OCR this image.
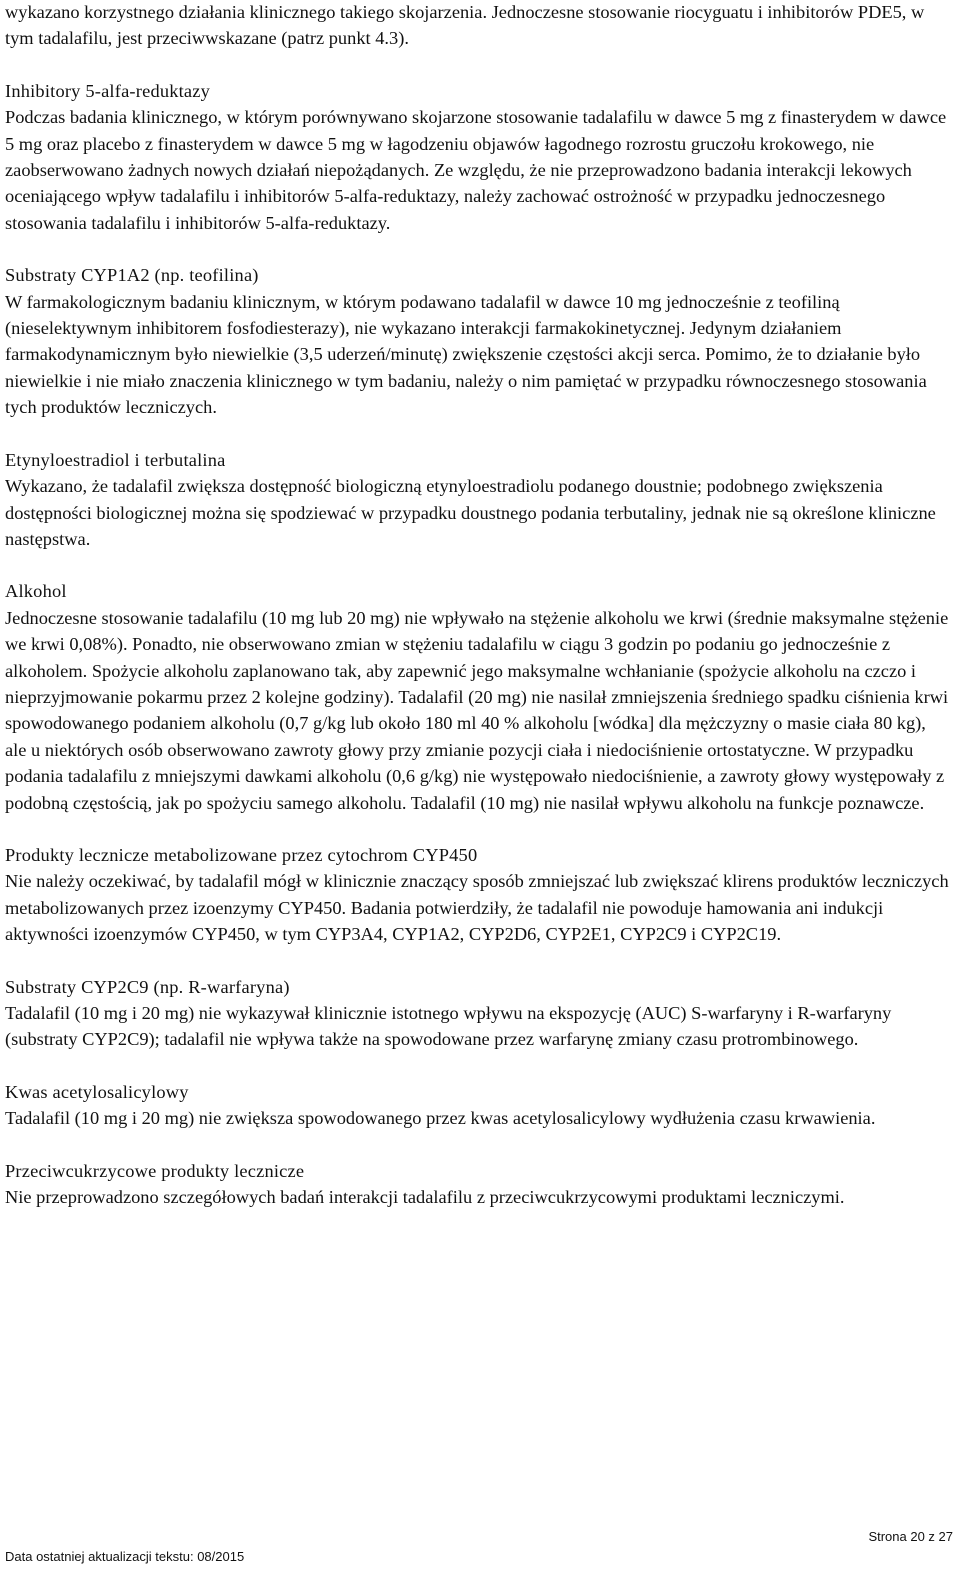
wykazano korzystnego działania klinicznego takiego skojarzenia. Jednoczesne stosowanie riocyguatu i inhibitorów PDE5, w tym tadalafilu, jest przeciwwskazane (patrz punkt 4.3).

Inhibitory 5-alfa-reduktazy

Podczas badania klinicznego, w którym porównywano skojarzone stosowanie tadalafilu w dawce 5 mg z finasterydem w dawce 5 mg oraz placebo z finasterydem w dawce 5 mg w łagodzeniu objawów łagodnego rozrostu gruczołu krokowego, nie zaobserwowano żadnych nowych działań niepożądanych. Ze względu, że nie przeprowadzono badania interakcji lekowych oceniającego wpływ tadalafilu i inhibitorów 5-alfa-reduktazy, należy zachować ostrożność w przypadku jednoczesnego stosowania tadalafilu i inhibitorów 5-alfa-reduktazy.

Substraty CYP1A2 (np. teofilina)

W farmakologicznym badaniu klinicznym, w którym podawano tadalafil w dawce 10 mg jednocześnie z teofiliną (nieselektywnym inhibitorem fosfodiesterazy), nie wykazano interakcji farmakokinetycznej. Jedynym działaniem farmakodynamicznym było niewielkie (3,5 uderzeń/minutę) zwiększenie częstości akcji serca. Pomimo, że to działanie było niewielkie i nie miało znaczenia klinicznego w tym badaniu, należy o nim pamiętać w przypadku równoczesnego stosowania tych produktów leczniczych.

Etynyloestradiol i terbutalina

Wykazano, że tadalafil zwiększa dostępność biologiczną etynyloestradiolu podanego doustnie; podobnego zwiększenia dostępności biologicznej można się spodziewać w przypadku doustnego podania terbutaliny, jednak nie są określone kliniczne następstwa.

Alkohol

Jednoczesne stosowanie tadalafilu (10 mg lub 20 mg) nie wpływało na stężenie alkoholu we krwi (średnie maksymalne stężenie we krwi 0,08%). Ponadto, nie obserwowano zmian w stężeniu tadalafilu w ciągu 3 godzin po podaniu go jednocześnie z alkoholem. Spożycie alkoholu zaplanowano tak, aby zapewnić jego maksymalne wchłanianie (spożycie alkoholu na czczo i nieprzyjmowanie pokarmu przez 2 kolejne godziny). Tadalafil (20 mg) nie nasilał zmniejszenia średniego spadku ciśnienia krwi spowodowanego podaniem alkoholu (0,7 g/kg lub około 180 ml 40 % alkoholu [wódka] dla mężczyzny o masie ciała 80 kg), ale u niektórych osób obserwowano zawroty głowy przy zmianie pozycji ciała i niedociśnienie ortostatyczne. W przypadku podania tadalafilu z mniejszymi dawkami alkoholu (0,6 g/kg) nie występowało niedociśnienie, a zawroty głowy występowały z podobną częstością, jak po spożyciu samego alkoholu. Tadalafil (10 mg) nie nasilał wpływu alkoholu na funkcje poznawcze.

Produkty lecznicze metabolizowane przez cytochrom CYP450

Nie należy oczekiwać, by tadalafil mógł w klinicznie znaczący sposób zmniejszać lub zwiększać klirens produktów leczniczych metabolizowanych przez izoenzymy CYP450. Badania potwierdziły, że tadalafil nie powoduje hamowania ani indukcji aktywności izoenzymów CYP450, w tym CYP3A4, CYP1A2, CYP2D6, CYP2E1, CYP2C9 i CYP2C19.

Substraty CYP2C9 (np. R-warfaryna)

Tadalafil (10 mg i 20 mg) nie wykazywał klinicznie istotnego wpływu na ekspozycję (AUC) S-warfaryny i R-warfaryny (substraty CYP2C9); tadalafil nie wpływa także na spowodowane przez warfarynę zmiany czasu protrombinowego.

Kwas acetylosalicylowy

Tadalafil (10 mg i 20 mg) nie zwiększa spowodowanego przez kwas acetylosalicylowy wydłużenia czasu krwawienia.

Przeciwcukrzycowe produkty lecznicze

Nie przeprowadzono szczegółowych badań interakcji tadalafilu z przeciwcukrzycowymi produktami leczniczymi.

Strona 20 z 27
Data ostatniej aktualizacji tekstu: 08/2015
